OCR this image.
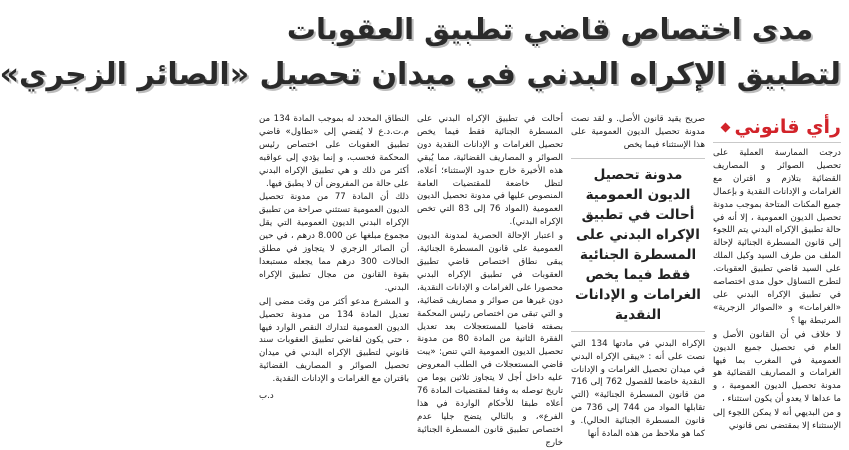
مدى اختصاص قاضي تطبيق العقوبات
لتطبيق الإكراه البدني في ميدان تحصيل «الصائر الزجري»
رأي قانوني

درجت الممارسة العملية على تحصيل الصوائر و المصاريف القضائية بتلازم و اقتران مع الغرامات و الإدانات النقدية و بإعمال جميع المكنات المتاحة بموجب مدونة تحصيل الديون العمومية ، إلا أنه في حالة تطبيق الإكراه البدني يتم اللجوء إلى قانون المسطرة الجنائية لإحالة الملف من طرف السيد وكيل الملك على السيد قاضي تطبيق العقوبات. لتطرح التساؤل حول مدى اختصاصه في تطبيق الإكراه البدني على «الغرامات» و «الصوائر الزجرية» المرتبطة بها ؟

لا خلاف في أن القانون الأصل و العام في تحصيل جميع الديون العمومية في المغرب بما فيها الغرامات و المصاريف القضائية هو مدونة تحصيل الديون العمومية ، و ما عداها لا يعدو أن يكون استثناء ،

و من البديهي أنه لا يمكن اللجوء إلى الإستثناء إلا بمقتضى نص قانوني

صريح يقيد قانون الأصل. و لقد نصت مدونة تحصيل الديون العمومية على هذا الإستثناء فيما يخص

مدونة تحصيل الديون العمومية أحالت في تطبيق الإكراه البدني على المسطرة الجنائية فقط فيما يخص الغرامات و الإدانات النقدية

الإكراه البدني في مادتها 134 التي نصت على أنه : «يبقى الإكراه البدني في ميدان تحصيل الغرامات و الإدانات النقدية خاضعا للفصول 762 إلى 716 من قانون المسطرة الجنائية» (التي تقابلها المواد من 744 إلى 736 من قانون المسطرة الجنائية الحالي). و كما هو ملاحظ من هذه المادة أنها

أحالت في تطبيق الإكراه البدني على المسطرة الجنائية فقط فيما يخص تحصيل الغرامات و الإدانات النقدية دون الصوائر و المصاريف القضائية، مما يُبقي هذه الأخيرة خارج حدود الإستثناء؛ أعلاه، لتظل خاضعة للمقتضيات العامة المنصوص عليها في مدونة تحصيل الديون العمومية (المواد 76 إلى 83 التي تخص الإكراه البدني).

و اعتبار الإحالة الحصرية لمدونة الديون العمومية على قانون المسطرة الجنائية، يبقى نطاق اختصاص قاضي تطبيق العقوبات في تطبيق الإكراه البدني محصورا على الغرامات و الإدانات النقدية، دون غيرها من صوائر و مصاريف قضائية، و التي تبقى من اختصاص رئيس المحكمة بصفته قاضيا للمستعجلات بعد تعديل الفقرة الثانية من المادة 80 من مدونة تحصيل الديون العمومية التي تنص: «يبت قاضي المستعجلات في الطلب المعروض عليه داخل أجل لا يتجاوز ثلاثين يوما من تاريخ توصله به وفقا لمقتضيات المادة 76 أعلاه طبقا للأحكام الواردة في هذا الفرع»، و بالتالي يتضح جليا عدم اختصاص تطبيق قانون المسطرة الجنائية خارج

النطاق المحدد له بموجب المادة 134 من م.ت.د.ع لا يُفضي إلى «تطاول» قاضي تطبيق العقوبات على اختصاص رئيس المحكمة فحسب، و إنما يؤدي إلى عواقبه أكثر من ذلك و هي تطبيق الإكراه البدني على حالة من المفروض أن لا يطبق فيها.

ذلك أن المادة 77 من مدونة تحصيل الديون العمومية تستثني صراحة من تطبيق الإكراه البدني الديون العمومية التي يقل مجموع مبلغها عن 8.000 درهم ، في حين أن الصائر الزجري لا يتجاوز في مطلق الحالات 300 درهم مما يجعله مستبعدا بقوة القانون من مجال تطبيق الإكراه البدني.

و المشرع مدعو أكثر من وقت مضى إلى تعديل المادة 134 من مدونة تحصيل الديون العمومية لتدارك النقص الوارد فيها ، حتى يكون لقاضي تطبيق العقوبات سند قانوني لتطبيق الإكراه البدني في ميدان تحصيل الصوائر و المصاريف القضائية باقتران مع الغرامات و الإدانات النقدية.

د.ب
